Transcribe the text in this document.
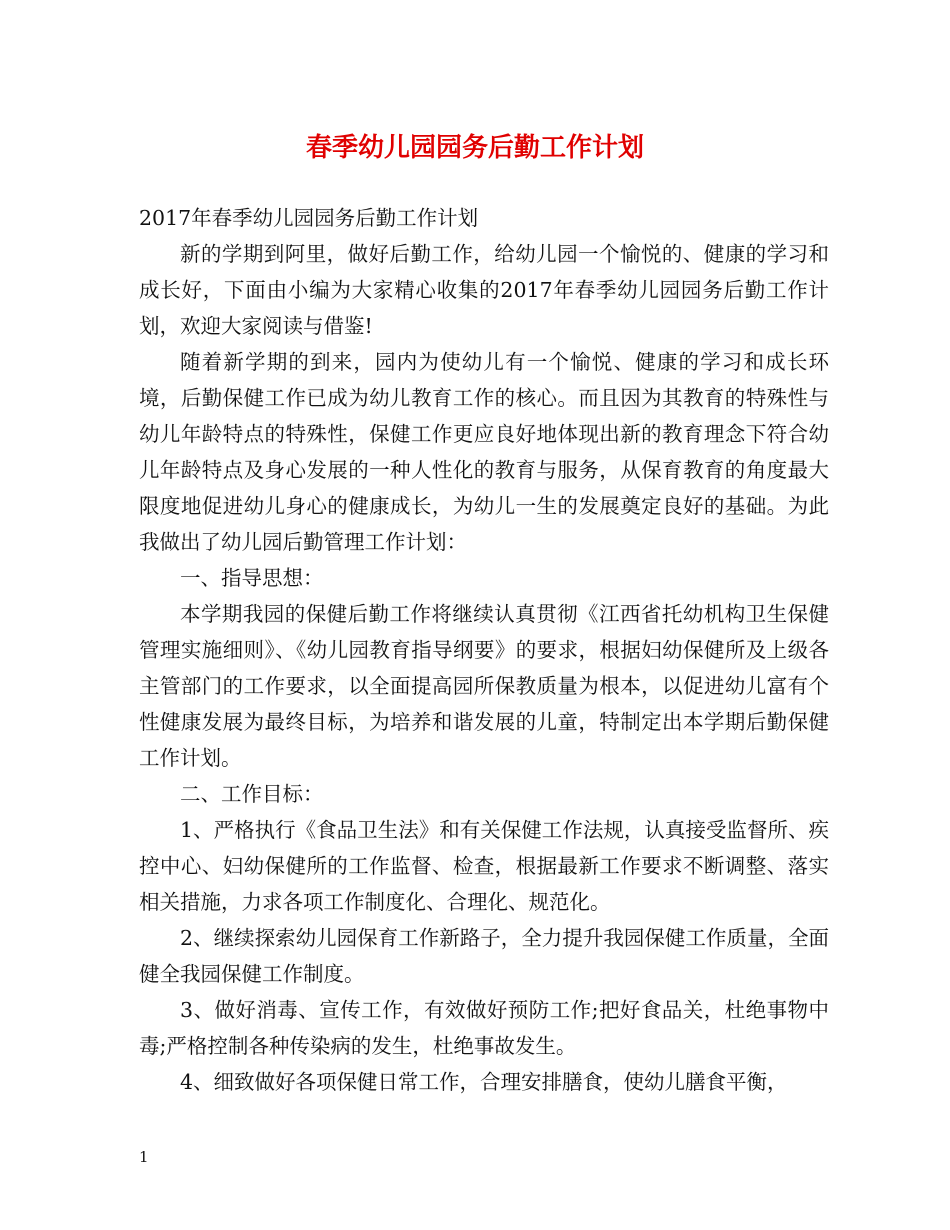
春季幼儿园园务后勤工作计划

2017年春季幼儿园园务后勤工作计划

新的学期到阿里，做好后勤工作，给幼儿园一个愉悦的、健康的学习和成长好，下面由小编为大家精心收集的2017年春季幼儿园园务后勤工作计划，欢迎大家阅读与借鉴!

随着新学期的到来，园内为使幼儿有一个愉悦、健康的学习和成长环境，后勤保健工作已成为幼儿教育工作的核心。而且因为其教育的特殊性与幼儿年龄特点的特殊性，保健工作更应良好地体现出新的教育理念下符合幼儿年龄特点及身心发展的一种人性化的教育与服务，从保育教育的角度最大限度地促进幼儿身心的健康成长，为幼儿一生的发展奠定良好的基础。为此我做出了幼儿园后勤管理工作计划：

一、指导思想：

本学期我园的保健后勤工作将继续认真贯彻《江西省托幼机构卫生保健管理实施细则》、《幼儿园教育指导纲要》的要求，根据妇幼保健所及上级各主管部门的工作要求，以全面提高园所保教质量为根本，以促进幼儿富有个性健康发展为最终目标，为培养和谐发展的儿童，特制定出本学期后勤保健工作计划。

二、工作目标：

1、严格执行《食品卫生法》和有关保健工作法规，认真接受监督所、疾控中心、妇幼保健所的工作监督、检查，根据最新工作要求不断调整、落实相关措施，力求各项工作制度化、合理化、规范化。

2、继续探索幼儿园保育工作新路子，全力提升我园保健工作质量，全面健全我园保健工作制度。

3、做好消毒、宣传工作，有效做好预防工作;把好食品关，杜绝事物中毒;严格控制各种传染病的发生，杜绝事故发生。

4、细致做好各项保健日常工作，合理安排膳食，使幼儿膳食平衡，

1
